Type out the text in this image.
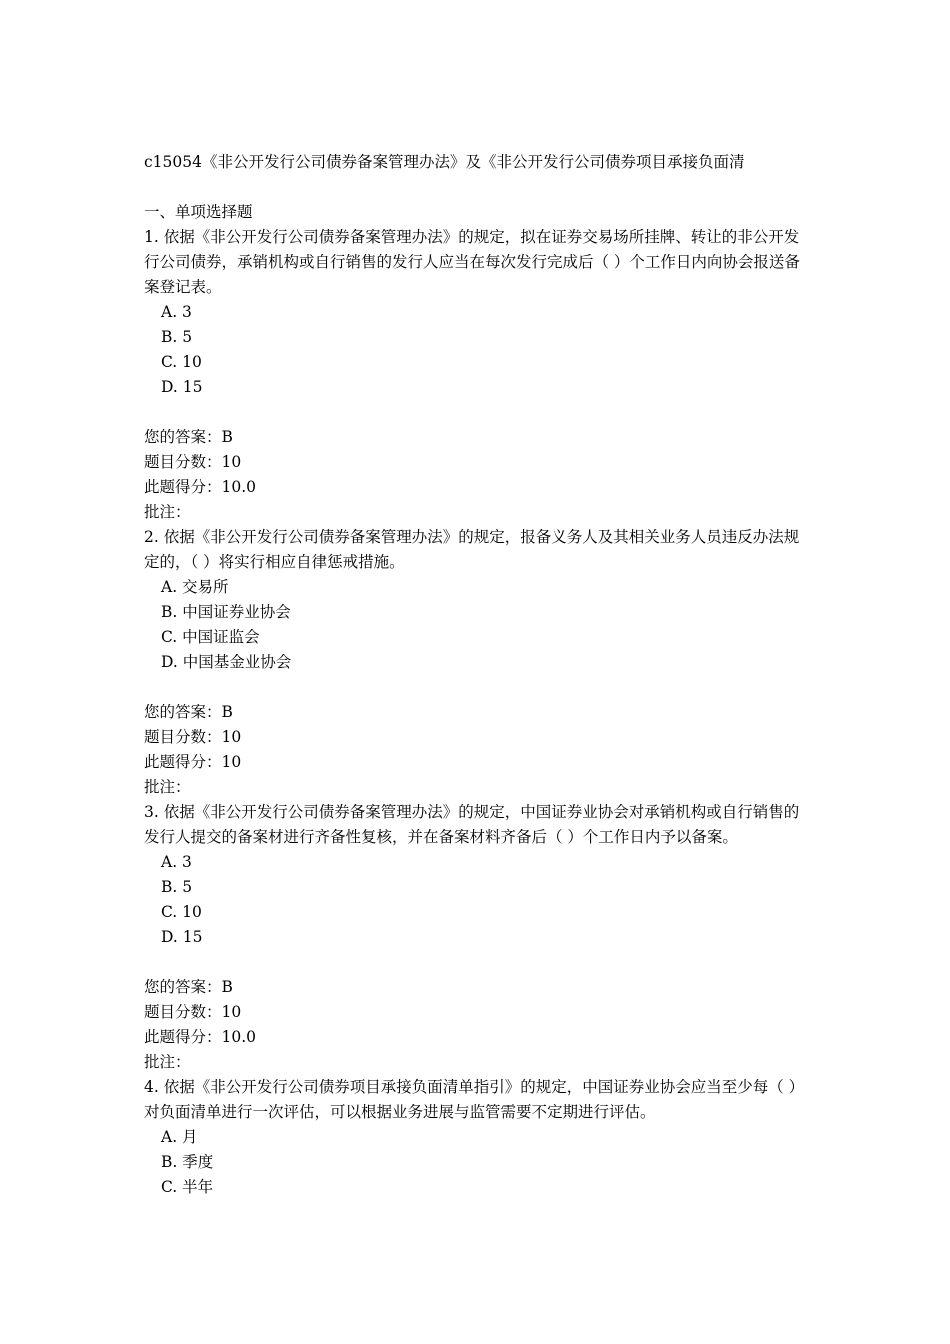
c15054《非公开发行公司债券备案管理办法》及《非公开发行公司债券项目承接负面清
一、单项选择题
1. 依据《非公开发行公司债券备案管理办法》的规定，拟在证券交易场所挂牌、转让的非公开发行公司债券，承销机构或自行销售的发行人应当在每次发行完成后（ ）个工作日内向协会报送备案登记表。
A. 3
B. 5
C. 10
D. 15
您的答案：B
题目分数：10
此题得分：10.0
批注：
2. 依据《非公开发行公司债券备案管理办法》的规定，报备义务人及其相关业务人员违反办法规定的，（ ）将实行相应自律惩戒措施。
A. 交易所
B. 中国证券业协会
C. 中国证监会
D. 中国基金业协会
您的答案：B
题目分数：10
此题得分：10
批注：
3. 依据《非公开发行公司债券备案管理办法》的规定，中国证券业协会对承销机构或自行销售的发行人提交的备案材进行齐备性复核，并在备案材料齐备后（ ）个工作日内予以备案。
A. 3
B. 5
C. 10
D. 15
您的答案：B
题目分数：10
此题得分：10.0
批注：
4. 依据《非公开发行公司债券项目承接负面清单指引》的规定，中国证券业协会应当至少每（ ）对负面清单进行一次评估，可以根据业务进展与监管需要不定期进行评估。
A. 月
B. 季度
C. 半年
